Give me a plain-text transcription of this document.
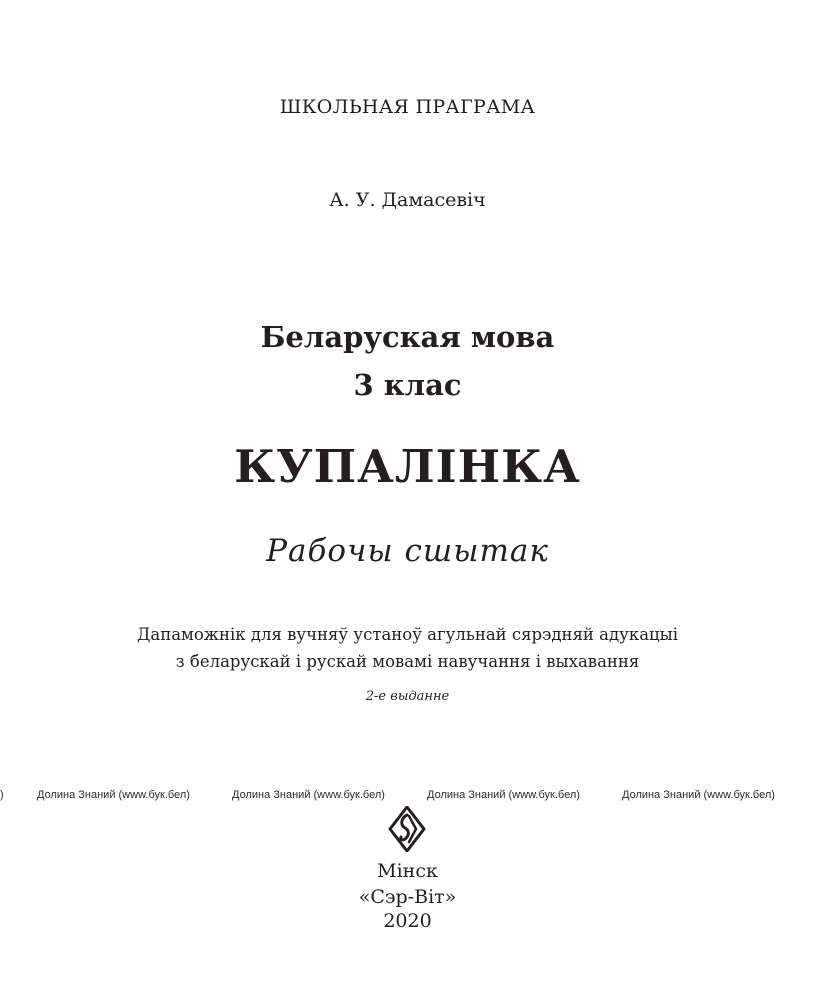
ШКОЛЬНАЯ ПРАГРАМА
А. У. Дамасевіч
Беларуская мова
3 клас
КУПАЛІНКА
Рабочы сшытак
Дапаможнік для вучняў устаноў агульнай сярэдняй адукацыі
з беларускай і рускай мовамі навучання і выхавання
2-е выданне
)	Долина Знаний (www.бук.бел)	Долина Знаний (www.бук.бел)	Долина Знаний (www.бук.бел)	Долина Знаний (www.бук.бел)
Мінск
«Сэр-Віт»
2020
